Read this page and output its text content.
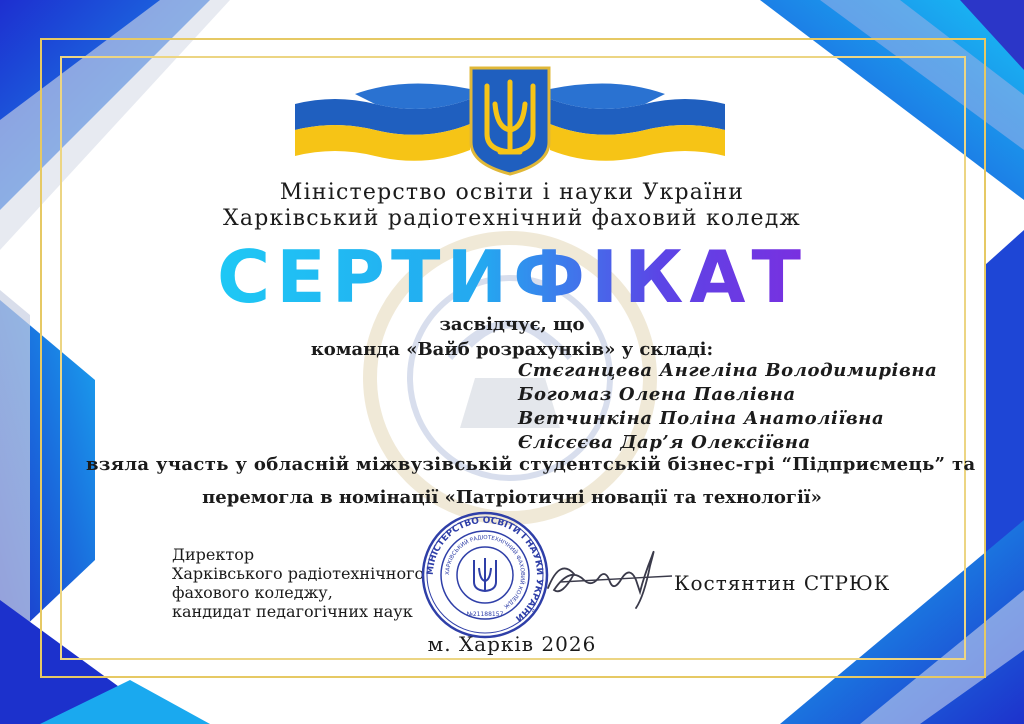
Міністерство освіти і науки України
Харківський радіотехнічний фаховий коледж
СЕРТИФІКАТ
засвідчує, що
команда «Вайб розрахунків» у складі:
Стєганцева Ангеліна Володимирівна
Богомаз Олена Павлівна
Ветчинкіна Поліна Анатоліївна
Єлісєєва Дар’я Олексіївна
взяла участь у обласній міжвузівській студентській бізнес-грі “Підприємець” та
перемогла в номінації «Патріотичні новації та технології»
Директор
Харківського радіотехнічного
фахового коледжу,
кандидат педагогічних наук
МІНІСТЕРСТВО ОСВІТИ І НАУКИ УКРАЇНИ
ХАРКІВСЬКИЙ РАДІОТЕХНІЧНИЙ ФАХОВИЙ КОЛЕДЖ
№21188157
Костянтин СТРЮК
м. Харків 2026
